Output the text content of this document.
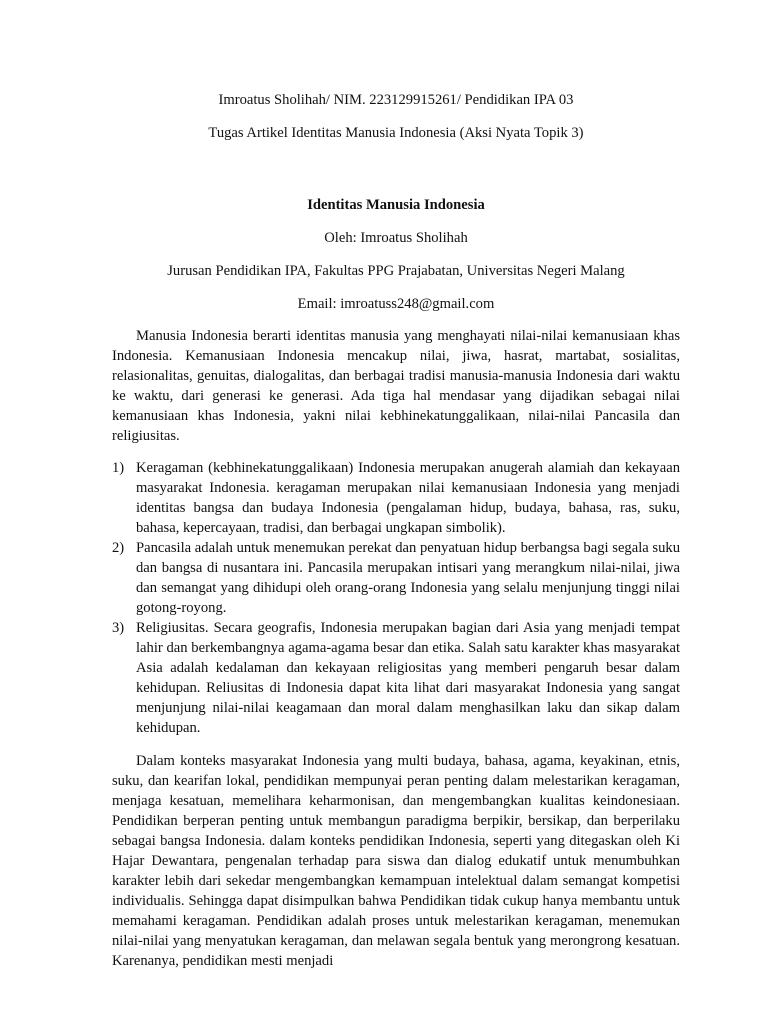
Imroatus Sholihah/ NIM. 223129915261/ Pendidikan IPA 03

Tugas Artikel Identitas Manusia Indonesia (Aksi Nyata Topik 3)

Identitas Manusia Indonesia

Oleh: Imroatus Sholihah

Jurusan Pendidikan IPA, Fakultas PPG Prajabatan, Universitas Negeri Malang

Email: imroatuss248@gmail.com

Manusia Indonesia berarti identitas manusia yang menghayati nilai-nilai kemanusiaan khas Indonesia. Kemanusiaan Indonesia mencakup nilai, jiwa, hasrat, martabat, sosialitas, relasionalitas, genuitas, dialogalitas, dan berbagai tradisi manusia-manusia Indonesia dari waktu ke waktu, dari generasi ke generasi. Ada tiga hal mendasar yang dijadikan sebagai nilai kemanusiaan khas Indonesia, yakni nilai kebhinekatunggalikaan, nilai-nilai Pancasila dan religiusitas.

1) Keragaman (kebhinekatunggalikaan) Indonesia merupakan anugerah alamiah dan kekayaan masyarakat Indonesia. keragaman merupakan nilai kemanusiaan Indonesia yang menjadi identitas bangsa dan budaya Indonesia (pengalaman hidup, budaya, bahasa, ras, suku, bahasa, kepercayaan, tradisi, dan berbagai ungkapan simbolik).
2) Pancasila adalah untuk menemukan perekat dan penyatuan hidup berbangsa bagi segala suku dan bangsa di nusantara ini. Pancasila merupakan intisari yang merangkum nilai-nilai, jiwa dan semangat yang dihidupi oleh orang-orang Indonesia yang selalu menjunjung tinggi nilai gotong-royong.
3) Religiusitas. Secara geografis, Indonesia merupakan bagian dari Asia yang menjadi tempat lahir dan berkembangnya agama-agama besar dan etika. Salah satu karakter khas masyarakat Asia adalah kedalaman dan kekayaan religiositas yang memberi pengaruh besar dalam kehidupan. Reliusitas di Indonesia dapat kita lihat dari masyarakat Indonesia yang sangat menjunjung nilai-nilai keagamaan dan moral dalam menghasilkan laku dan sikap dalam kehidupan.

Dalam konteks masyarakat Indonesia yang multi budaya, bahasa, agama, keyakinan, etnis, suku, dan kearifan lokal, pendidikan mempunyai peran penting dalam melestarikan keragaman, menjaga kesatuan, memelihara keharmonisan, dan mengembangkan kualitas keindonesiaan. Pendidikan berperan penting untuk membangun paradigma berpikir, bersikap, dan berperilaku sebagai bangsa Indonesia. dalam konteks pendidikan Indonesia, seperti yang ditegaskan oleh Ki Hajar Dewantara, pengenalan terhadap para siswa dan dialog edukatif untuk menumbuhkan karakter lebih dari sekedar mengembangkan kemampuan intelektual dalam semangat kompetisi individualis. Sehingga dapat disimpulkan bahwa Pendidikan tidak cukup hanya membantu untuk memahami keragaman. Pendidikan adalah proses untuk melestarikan keragaman, menemukan nilai-nilai yang menyatukan keragaman, dan melawan segala bentuk yang merongrong kesatuan. Karenanya, pendidikan mesti menjadi
